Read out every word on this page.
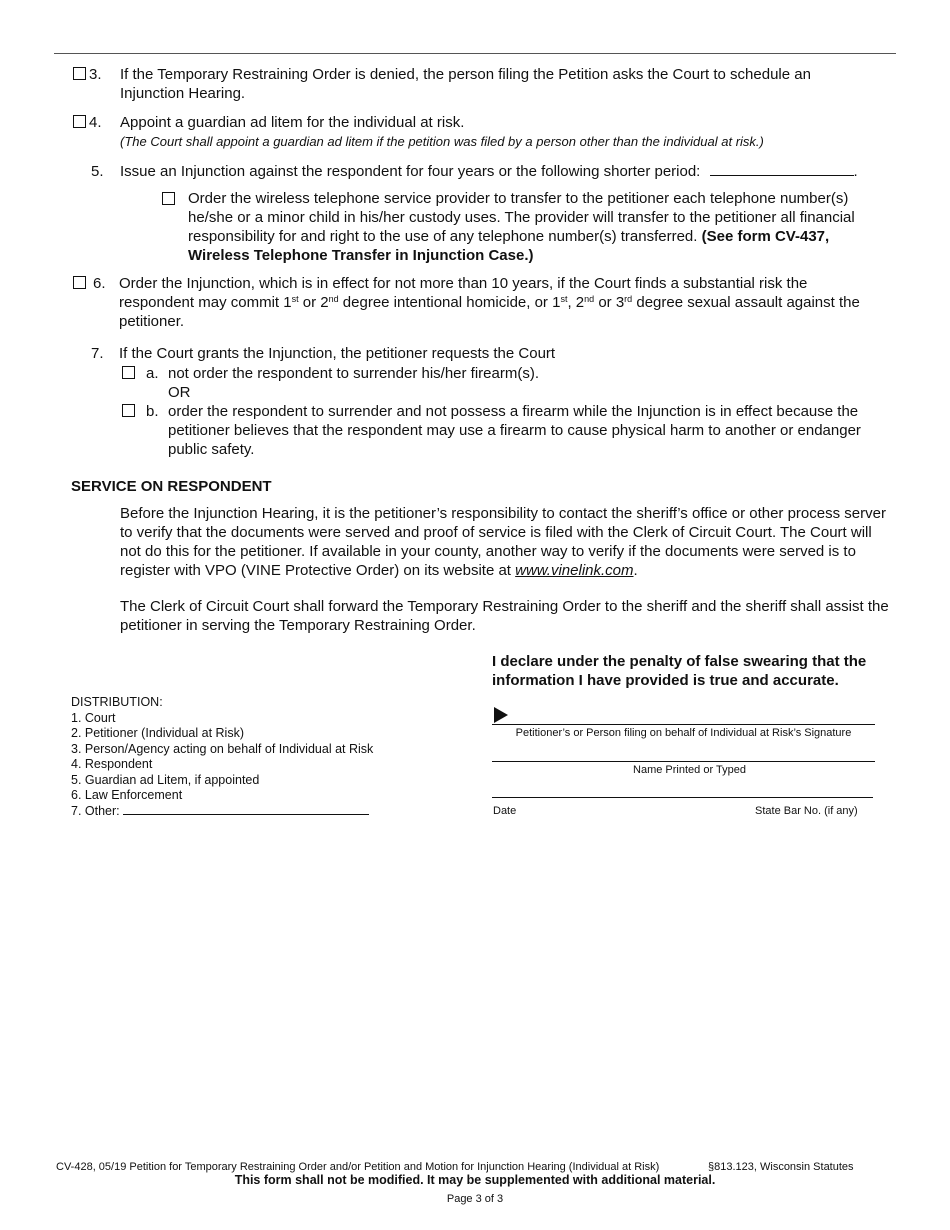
3. If the Temporary Restraining Order is denied, the person filing the Petition asks the Court to schedule an Injunction Hearing.
4. Appoint a guardian ad litem for the individual at risk.
(The Court shall appoint a guardian ad litem if the petition was filed by a person other than the individual at risk.)
5. Issue an Injunction against the respondent for four years or the following shorter period:	.
Order the wireless telephone service provider to transfer to the petitioner each telephone number(s) he/she or a minor child in his/her custody uses. The provider will transfer to the petitioner all financial responsibility for and right to the use of any telephone number(s) transferred. (See form CV-437, Wireless Telephone Transfer in Injunction Case.)
6. Order the Injunction, which is in effect for not more than 10 years, if the Court finds a substantial risk the
respondent may commit 1st or 2nd degree intentional homicide, or 1st, 2nd or 3rd degree sexual assault against the
petitioner.
7. If the Court grants the Injunction, the petitioner requests the Court
a. not order the respondent to surrender his/her firearm(s).
OR
b. order the respondent to surrender and not possess a firearm while the Injunction is in effect because the petitioner believes that the respondent may use a firearm to cause physical harm to another or endanger public safety.
SERVICE ON RESPONDENT
Before the Injunction Hearing, it is the petitioner’s responsibility to contact the sheriff’s office or other process server to verify that the documents were served and proof of service is filed with the Clerk of Circuit Court. The Court will not do this for the petitioner. If available in your county, another way to verify if the documents were served is to register with VPO (VINE Protective Order) on its website at www.vinelink.com.
The Clerk of Circuit Court shall forward the Temporary Restraining Order to the sheriff and the sheriff shall assist the petitioner in serving the Temporary Restraining Order.
I declare under the penalty of false swearing that the information I have provided is true and accurate.
DISTRIBUTION:
1. Court
2. Petitioner (Individual at Risk)
3. Person/Agency acting on behalf of Individual at Risk
4. Respondent
5. Guardian ad Litem, if appointed
6. Law Enforcement
7. Other:
Petitioner’s or Person filing on behalf of Individual at Risk’s Signature
Name Printed or Typed
Date	State Bar No. (if any)
CV-428, 05/19 Petition for Temporary Restraining Order and/or Petition and Motion for Injunction Hearing (Individual at Risk)	§813.123, Wisconsin Statutes
This form shall not be modified. It may be supplemented with additional material.
Page 3 of 3
